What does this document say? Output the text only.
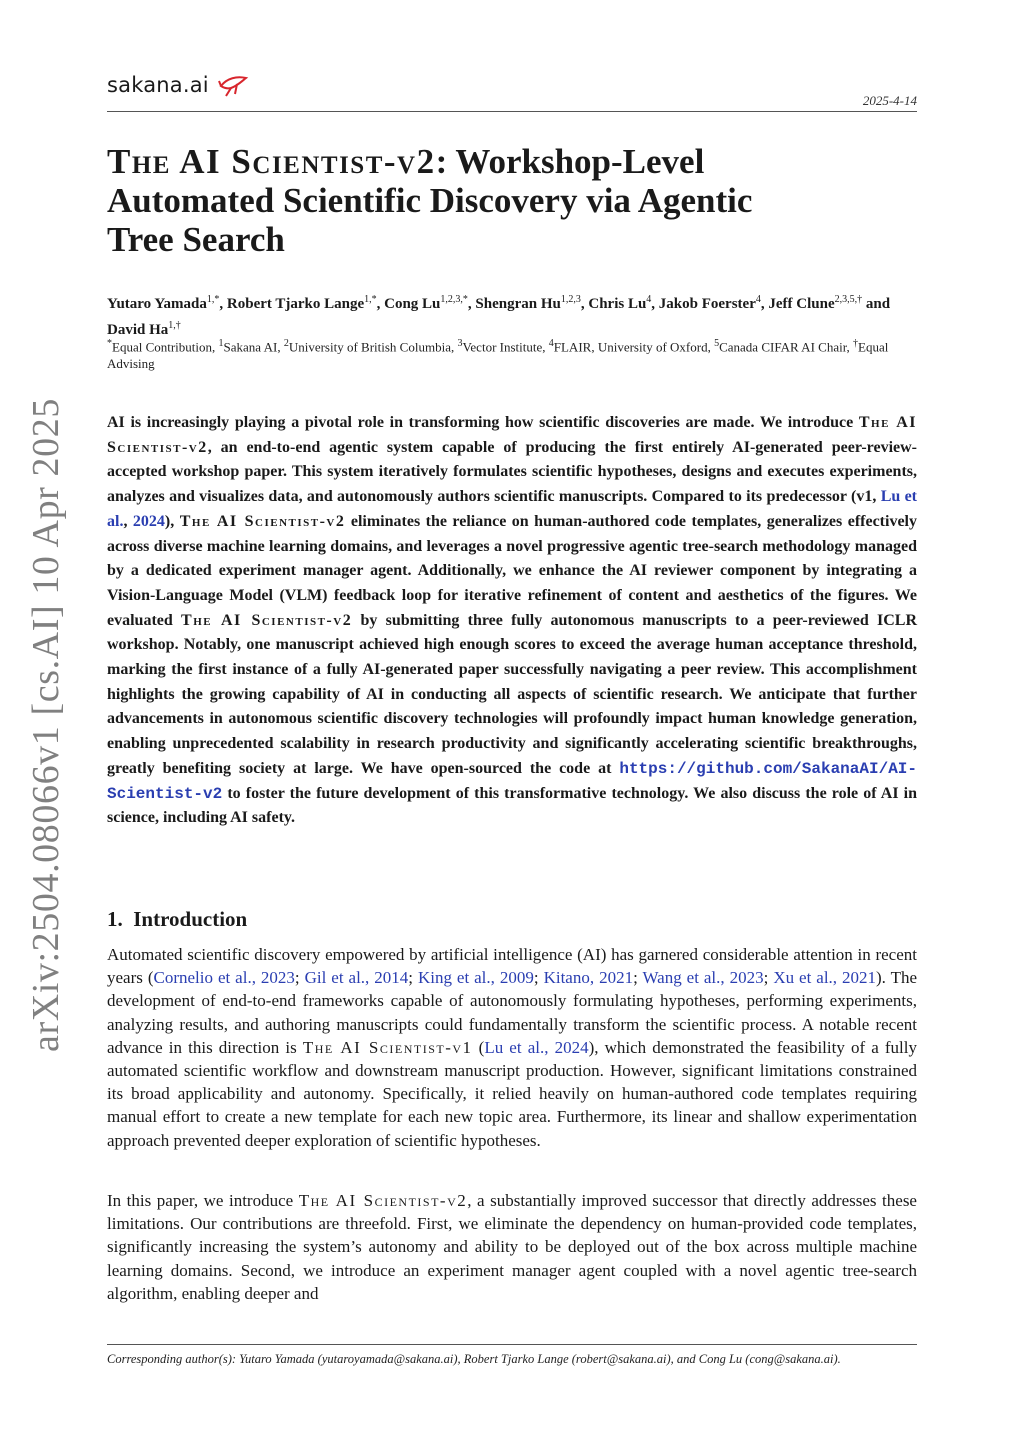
sakana.ai
2025-4-14
arXiv:2504.08066v1 [cs.AI] 10 Apr 2025
The AI Scientist-v2: Workshop-Level
Automated Scientific Discovery via Agentic
Tree Search
Yutaro Yamada$^{1,*}$, Robert Tjarko Lange$^{1,*}$, Cong $Lu^{1,2,3,*}$, Shengran Hu$^{1,2,3}$, Chris Lu$^4$, Jakob Foerster$^4$, Jeff Clune$^{2,3,5,\dagger}$ and David $Ha^{1,\dagger}$
*Equal Contribution, $^1$Sakana AI, $^2$University of British Columbia, $^3$Vector Institute, $^4$FLAIR, University of Oxford, $^5$Canada CIFAR AI Chair, †Equal Advising
AI is increasingly playing a pivotal role in transforming how scientific discoveries are made. We introduce The AI Scientist-v2, an end-to-end agentic system capable of producing the first entirely AI-generated peer-review-accepted workshop paper. This system iteratively formulates scientific hypotheses, designs and executes experiments, analyzes and visualizes data, and autonomously authors scientific manuscripts. Compared to its predecessor (v1, Lu et al., 2024), The AI Scientist-v2 eliminates the reliance on human-authored code templates, generalizes effectively across diverse machine learning domains, and leverages a novel progressive agentic tree-search methodology managed by a dedicated experiment manager agent. Additionally, we enhance the AI reviewer component by integrating a Vision-Language Model (VLM) feedback loop for iterative refinement of content and aesthetics of the figures. We evaluated The AI Scientist-v2 by submitting three fully autonomous manuscripts to a peer-reviewed ICLR workshop. Notably, one manuscript achieved high enough scores to exceed the average human acceptance threshold, marking the first instance of a fully AI-generated paper successfully navigating a peer review. This accomplishment highlights the growing capability of AI in conducting all aspects of scientific research. We anticipate that further advancements in autonomous scientific discovery technologies will profoundly impact human knowledge generation, enabling unprecedented scalability in research productivity and significantly accelerating scientific breakthroughs, greatly benefiting society at large. We have open-sourced the code at https://github.com/SakanaAI/AI-Scientist-v2 to foster the future development of this transformative technology. We also discuss the role of AI in science, including AI safety.
1. Introduction
Automated scientific discovery empowered by artificial intelligence (AI) has garnered considerable attention in recent years (Cornelio et al., 2023; Gil et al., 2014; King et al., 2009; Kitano, 2021; Wang et al., 2023; Xu et al., 2021). The development of end-to-end frameworks capable of autonomously formulating hypotheses, performing experiments, analyzing results, and authoring manuscripts could fundamentally transform the scientific process. A notable recent advance in this direction is The AI Scientist-v1 (Lu et al., 2024), which demonstrated the feasibility of a fully automated scientific workflow and downstream manuscript production. However, significant limitations constrained its broad applicability and autonomy. Specifically, it relied heavily on human-authored code templates requiring manual effort to create a new template for each new topic area. Furthermore, its linear and shallow experimentation approach prevented deeper exploration of scientific hypotheses.
In this paper, we introduce The AI Scientist-v2, a substantially improved successor that directly addresses these limitations. Our contributions are threefold. First, we eliminate the dependency on human-provided code templates, significantly increasing the system’s autonomy and ability to be deployed out of the box across multiple machine learning domains. Second, we introduce an experiment manager agent coupled with a novel agentic tree-search algorithm, enabling deeper and
Corresponding author(s): Yutaro Yamada (yutaroyamada@sakana.ai), Robert Tjarko Lange (robert@sakana.ai), and Cong Lu (cong@sakana.ai).
